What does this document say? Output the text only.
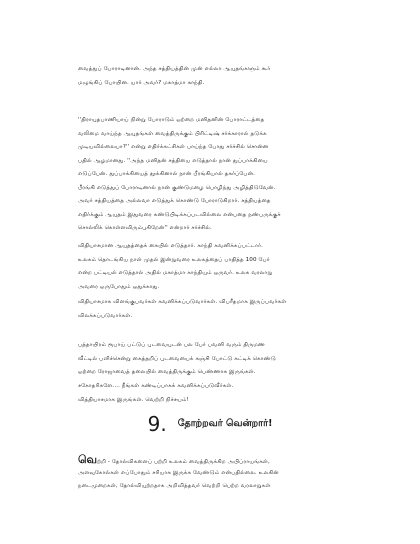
வைத்துப் போராடினான். அந்த சத்தியத்தின் முன் எல்லா ஆயுதங்களும் கூர்
மழுங்கிப் போயின. யார் அவர்? மகாத்மா காந்தி.
''திராயுதபாணியாய் நின்று போராடும் ஒற்றை மனிதனின் போராட்டத்தை
வலிமை வாய்ந்த ஆயுதங்கள் வைத்திருக்கும் பிரிட்டிஷ் சர்க்காரால் தடுக்க
முடியவில்லையா?'' என்று எதிர்க்கட்சிகள் பாய்ந்த போது சர்ச்சில் சொன்ன
பதில் ஆழமானது. ''அந்த மனிதன் சத்தியை எடுத்தால் நான் துப்பாக்கியை
எடுப்பேன். துப்பாக்கியைத் தூக்கினால் நான் பீரங்கியால் தகர்ப்பேன்.
பீரங்கி எடுத்துப் போராடினால் நான் குண்டுமழை பொழிந்து அழித்திடுவேன்.
அவர் சத்தியத்தை அல்லவா எடுத்துக் கொண்டு போராடுகிறார். சத்தியத்தை
எதிர்க்கும் ஆயுதம் இதுவரை கண்டுபிடிக்கப்படவில்லை என்பதை நண்பருக்குச்
சொல்லிக் கொள்ளவிரும்புகிறேன்'' என்றார் சர்ச்சில்.
விதியாசமான ஆயுதத்தைக் கையில் எடுத்தார். காந்தி கவனிக்கப்பட்டார்.
உலகம் தொடங்கிய நாள் முதல் இன்றுவரை உலகத்தைப் பாதித்த 100 பேர்
என்ற பட்டியல் எடுத்தால் அதில் மகாத்மா காந்தியும் ஒருவர். உலக வரலாறு
அவரை ஒருபோதும் ஒதுக்காது.
விதியாசமாக விளங்குபவர்கள் கவனிக்கப்படுவார்கள். விபரீதமாக இருப்பவர்கள்
விலக்கப்படுவார்கள்.
பத்தாயிரம் ரூபாய் பட்டுப் புடவையுடன் பல பேர் பவனி வரும் திருமண
வீட்டில் பளிச்சென்று கைத்தறிப் புடவையைக் கஞ்சி போட்டு கட்டிக் கொண்டு
ஒற்றை ரோஜாவைத் தலையில் வைத்திருக்கும் பெண்ணாக இருங்கள்.
சகோதரிகளே.... நீங்கள் கண்டிப்பாகக் கவனிக்கப்படுவீர்கள்.
வித்தியாசமாக இருங்கள். வெற்றி நிச்சயம்!
9. தோற்றவர் வென்றார்!
வெற்றி - தோல்விகளைப் பற்றி உலகம் வைத்திருக்கிற அபிப்ராயங்கள்,
அளவுகோல்கள் எப்போதும் சரியாக இருக்க வேண்டும் என்பதில்லை. உலகின்
நடைமுறைகள், தோல்வியுற்றதாக அறிவித்தவர் வெற்றி பெற்ற வரலாறுகள்
